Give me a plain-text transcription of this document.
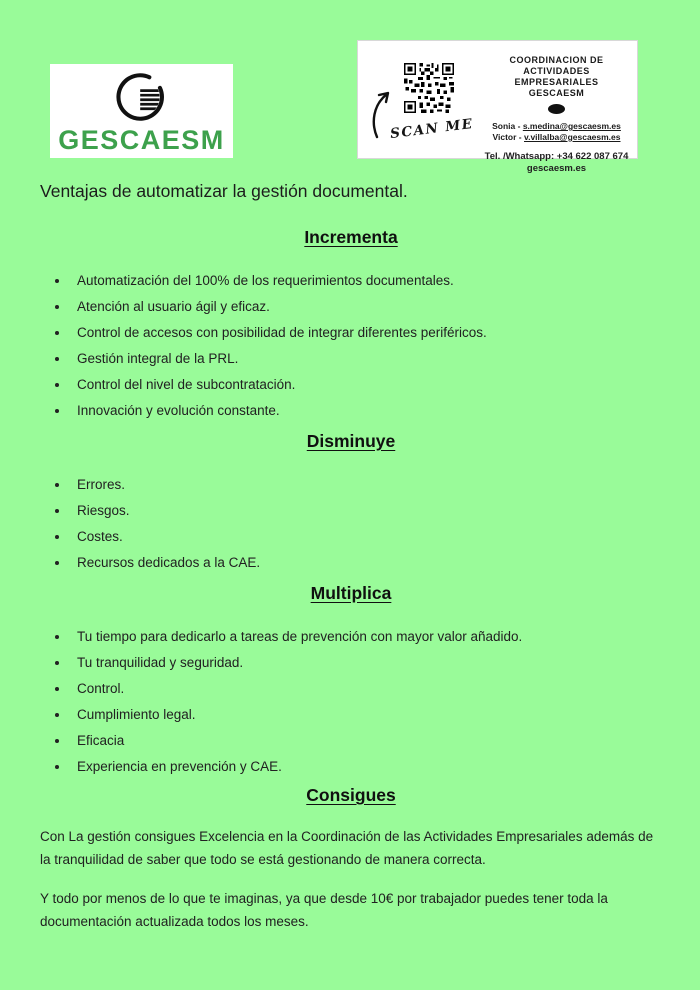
GESCAESM	SCAN ME
COORDINACION DE
ACTIVIDADES
EMPRESARIALES
GESCAESM
Sonia - s.medina@gescaesm.es
Victor - v.villalba@gescaesm.es
Tel. /Whatsapp: +34 622 087 674
gescaesm.es
Ventajas de automatizar la gestión documental.
Incrementa
• Automatización del 100% de los requerimientos documentales.
• Atención al usuario ágil y eficaz.
• Control de accesos con posibilidad de integrar diferentes periféricos.
• Gestión integral de la PRL.
• Control del nivel de subcontratación.
• Innovación y evolución constante.
Disminuye
• Errores.
• Riesgos.
• Costes.
• Recursos dedicados a la CAE.
Multiplica
• Tu tiempo para dedicarlo a tareas de prevención con mayor valor añadido.
• Tu tranquilidad y seguridad.
• Control.
• Cumplimiento legal.
• Eficacia
• Experiencia en prevención y CAE.
Consigues

Con La gestión consigues Excelencia en la Coordinación de las Actividades Empresariales además de la tranquilidad de saber que todo se está gestionando de manera correcta.

Y todo por menos de lo que te imaginas, ya que desde 10€ por trabajador puedes tener toda la documentación actualizada todos los meses.
